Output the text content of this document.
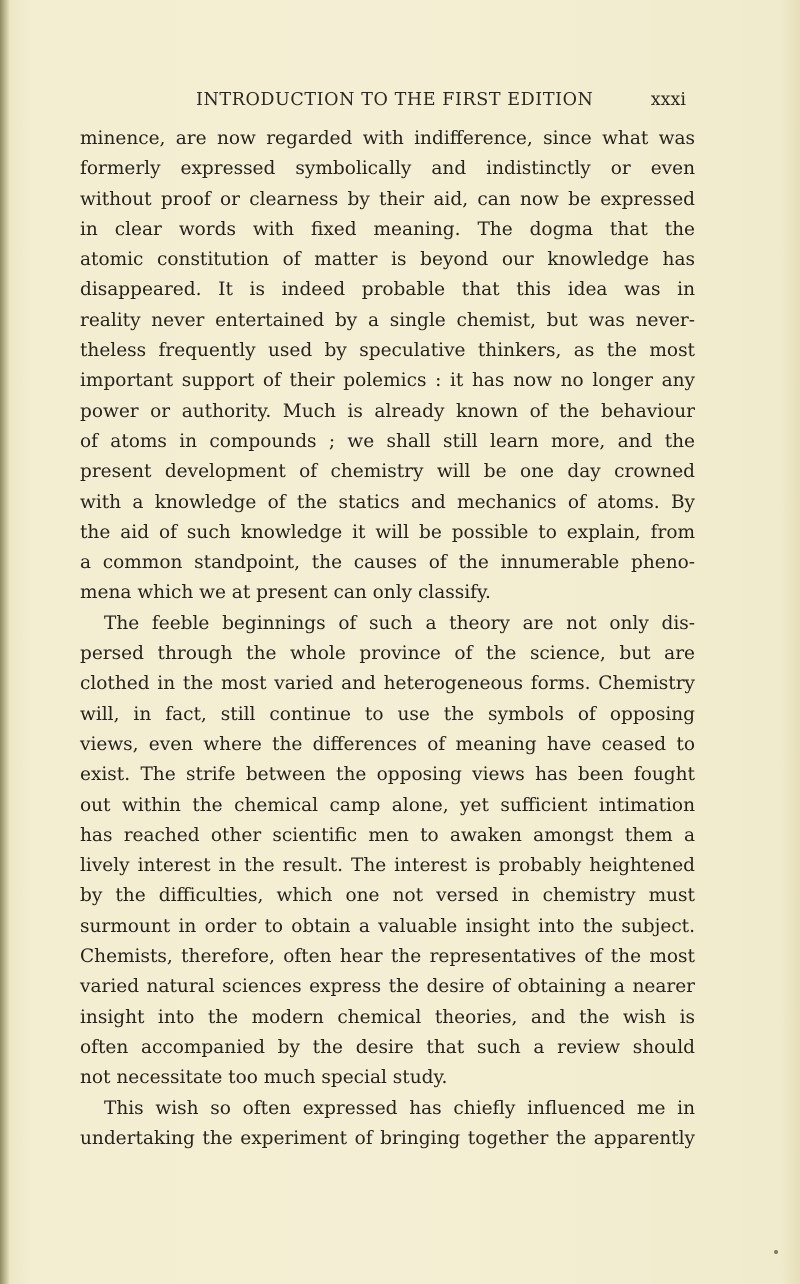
INTRODUCTION TO THE FIRST EDITION	xxxi
minence, are now regarded with indifference, since what was
formerly expressed symbolically and indistinctly or even
without proof or clearness by their aid, can now be expressed
in clear words with fixed meaning. The dogma that the
atomic constitution of matter is beyond our knowledge has
disappeared. It is indeed probable that this idea was in
reality never entertained by a single chemist, but was never-
theless frequently used by speculative thinkers, as the most
important support of their polemics : it has now no longer any
power or authority. Much is already known of the behaviour
of atoms in compounds ; we shall still learn more, and the
present development of chemistry will be one day crowned
with a knowledge of the statics and mechanics of atoms. By
the aid of such knowledge it will be possible to explain, from
a common standpoint, the causes of the innumerable pheno-
mena which we at present can only classify.
The feeble beginnings of such a theory are not only dis-
persed through the whole province of the science, but are
clothed in the most varied and heterogeneous forms. Chemistry
will, in fact, still continue to use the symbols of opposing
views, even where the differences of meaning have ceased to
exist. The strife between the opposing views has been fought
out within the chemical camp alone, yet sufficient intimation
has reached other scientific men to awaken amongst them a
lively interest in the result. The interest is probably heightened
by the difficulties, which one not versed in chemistry must
surmount in order to obtain a valuable insight into the subject.
Chemists, therefore, often hear the representatives of the most
varied natural sciences express the desire of obtaining a nearer
insight into the modern chemical theories, and the wish is
often accompanied by the desire that such a review should
not necessitate too much special study.
This wish so often expressed has chiefly influenced me in
undertaking the experiment of bringing together the apparently
